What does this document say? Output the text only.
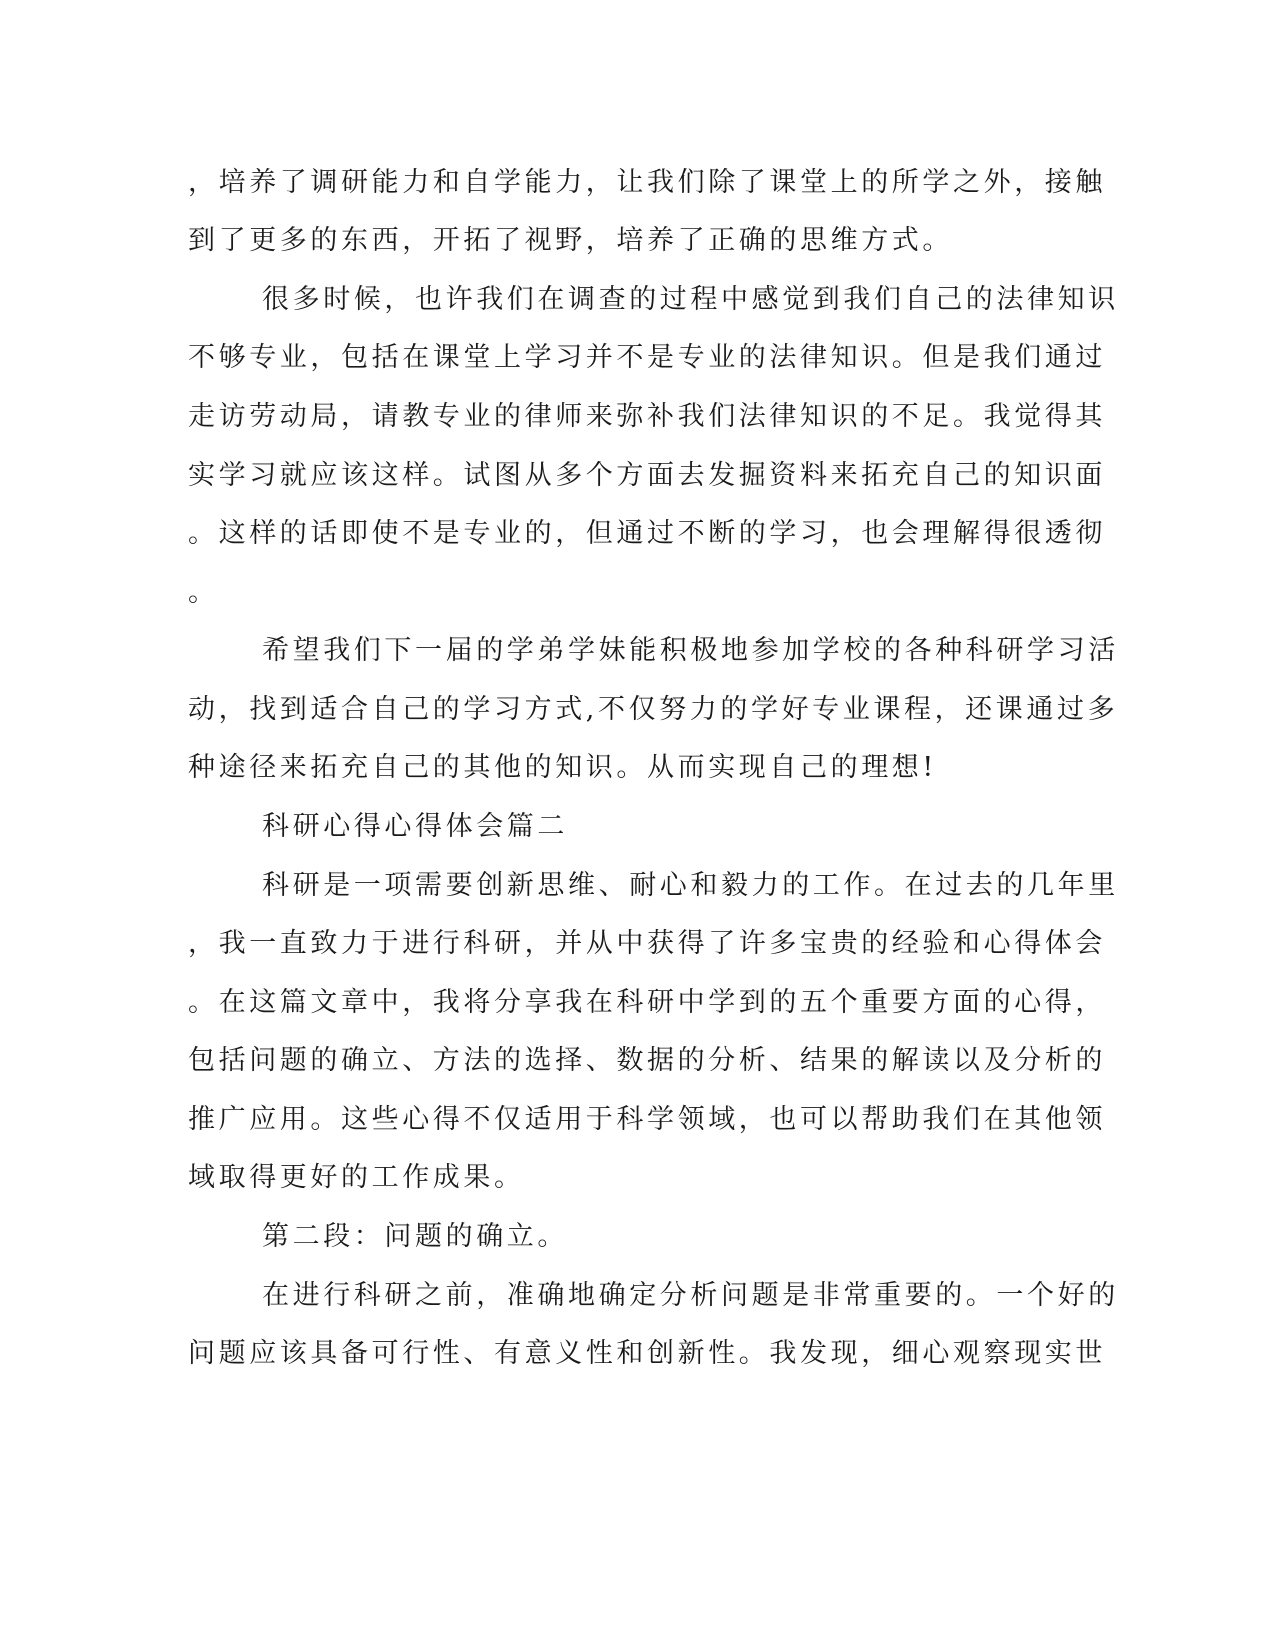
，培养了调研能力和自学能力，让我们除了课堂上的所学之外，接触
到了更多的东西，开拓了视野，培养了正确的思维方式。
很多时候，也许我们在调查的过程中感觉到我们自己的法律知识
不够专业，包括在课堂上学习并不是专业的法律知识。但是我们通过
走访劳动局，请教专业的律师来弥补我们法律知识的不足。我觉得其
实学习就应该这样。试图从多个方面去发掘资料来拓充自己的知识面
。这样的话即使不是专业的，但通过不断的学习，也会理解得很透彻
。
希望我们下一届的学弟学妹能积极地参加学校的各种科研学习活
动，找到适合自己的学习方式,不仅努力的学好专业课程，还课通过多
种途径来拓充自己的其他的知识。从而实现自己的理想!
科研心得心得体会篇二
科研是一项需要创新思维、耐心和毅力的工作。在过去的几年里
，我一直致力于进行科研，并从中获得了许多宝贵的经验和心得体会
。在这篇文章中，我将分享我在科研中学到的五个重要方面的心得，
包括问题的确立、方法的选择、数据的分析、结果的解读以及分析的
推广应用。这些心得不仅适用于科学领域，也可以帮助我们在其他领
域取得更好的工作成果。
第二段：问题的确立。
在进行科研之前，准确地确定分析问题是非常重要的。一个好的
问题应该具备可行性、有意义性和创新性。我发现，细心观察现实世
